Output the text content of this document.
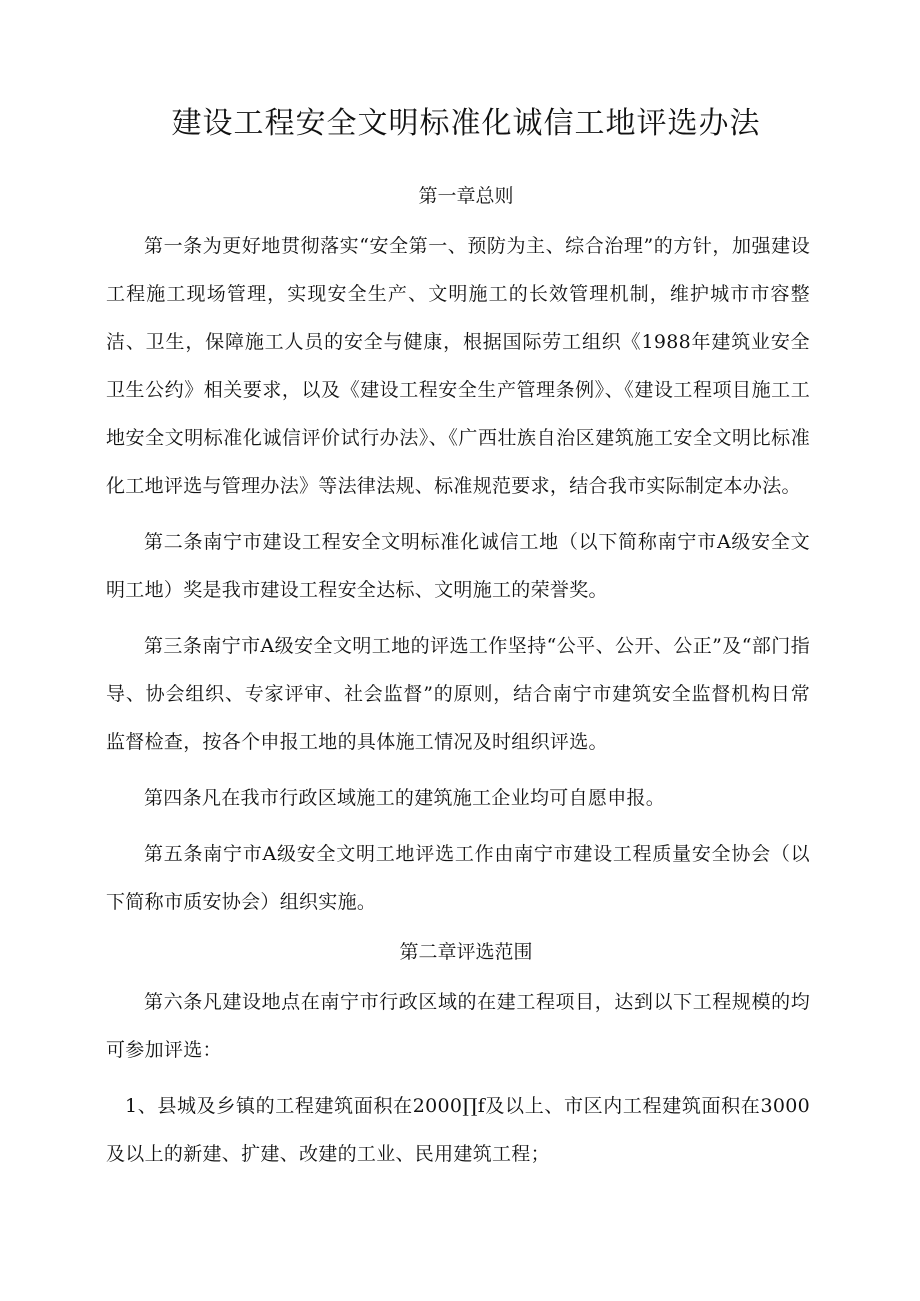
建设工程安全文明标准化诚信工地评选办法
第一章总则

第一条为更好地贯彻落实“安全第一、预防为主、综合治理”的方针，加强建设工程施工现场管理，实现安全生产、文明施工的长效管理机制，维护城市市容整洁、卫生，保障施工人员的安全与健康，根据国际劳工组织《1988年建筑业安全卫生公约》相关要求，以及《建设工程安全生产管理条例》、《建设工程项目施工工地安全文明标准化诚信评价试行办法》、《广西壮族自治区建筑施工安全文明比标准化工地评选与管理办法》等法律法规、标准规范要求，结合我市实际制定本办法。

第二条南宁市建设工程安全文明标准化诚信工地（以下简称南宁市A级安全文明工地）奖是我市建设工程安全达标、文明施工的荣誉奖。

第三条南宁市A级安全文明工地的评选工作坚持“公平、公开、公正”及“部门指导、协会组织、专家评审、社会监督”的原则，结合南宁市建筑安全监督机构日常监督检查，按各个申报工地的具体施工情况及时组织评选。

第四条凡在我市行政区域施工的建筑施工企业均可自愿申报。

第五条南宁市A级安全文明工地评选工作由南宁市建设工程质量安全协会（以下简称市质安协会）组织实施。

第二章评选范围

第六条凡建设地点在南宁市行政区域的在建工程项目，达到以下工程规模的均可参加评选：

1、县城及乡镇的工程建筑面积在2000∏f及以上、市区内工程建筑面积在3000及以上的新建、扩建、改建的工业、民用建筑工程；
